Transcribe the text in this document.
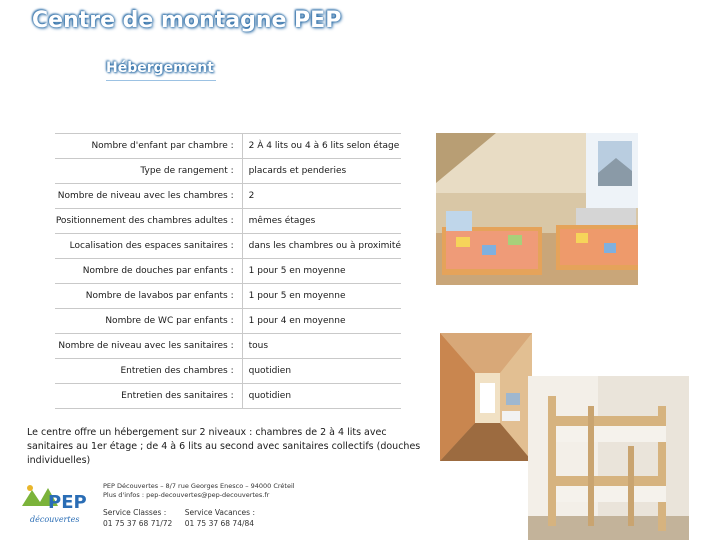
Centre de montagne PEP
Hébergement
Nombre d'enfant par chambre :	2 À 4 lits ou 4 à 6 lits selon étage
Type de rangement :	placards et penderies
Nombre de niveau avec les chambres :	2
Positionnement des chambres adultes :	mêmes étages
Localisation des espaces sanitaires :	dans les chambres ou à proximité
Nombre de douches par enfants :	1 pour 5 en moyenne
Nombre de lavabos par enfants :	1 pour 5 en moyenne
Nombre de WC par enfants :	1 pour 4 en moyenne
Nombre de niveau avec les sanitaires :	tous
Entretien des chambres :	quotidien
Entretien des sanitaires :	quotidien
Le centre offre un hébergement sur 2 niveaux : chambres de 2 à 4 lits avec sanitaires au 1er étage ; de 4 à 6 lits au second avec sanitaires collectifs (douches individuelles)
PEP
découvertes
PEP Découvertes – 8/7 rue Georges Enesco – 94000 Créteil
Plus d'infos : pep-decouvertes@pep-decouvertes.fr
Service Classes :
01 75 37 68 71/72

Service Vacances :
01 75 37 68 74/84
